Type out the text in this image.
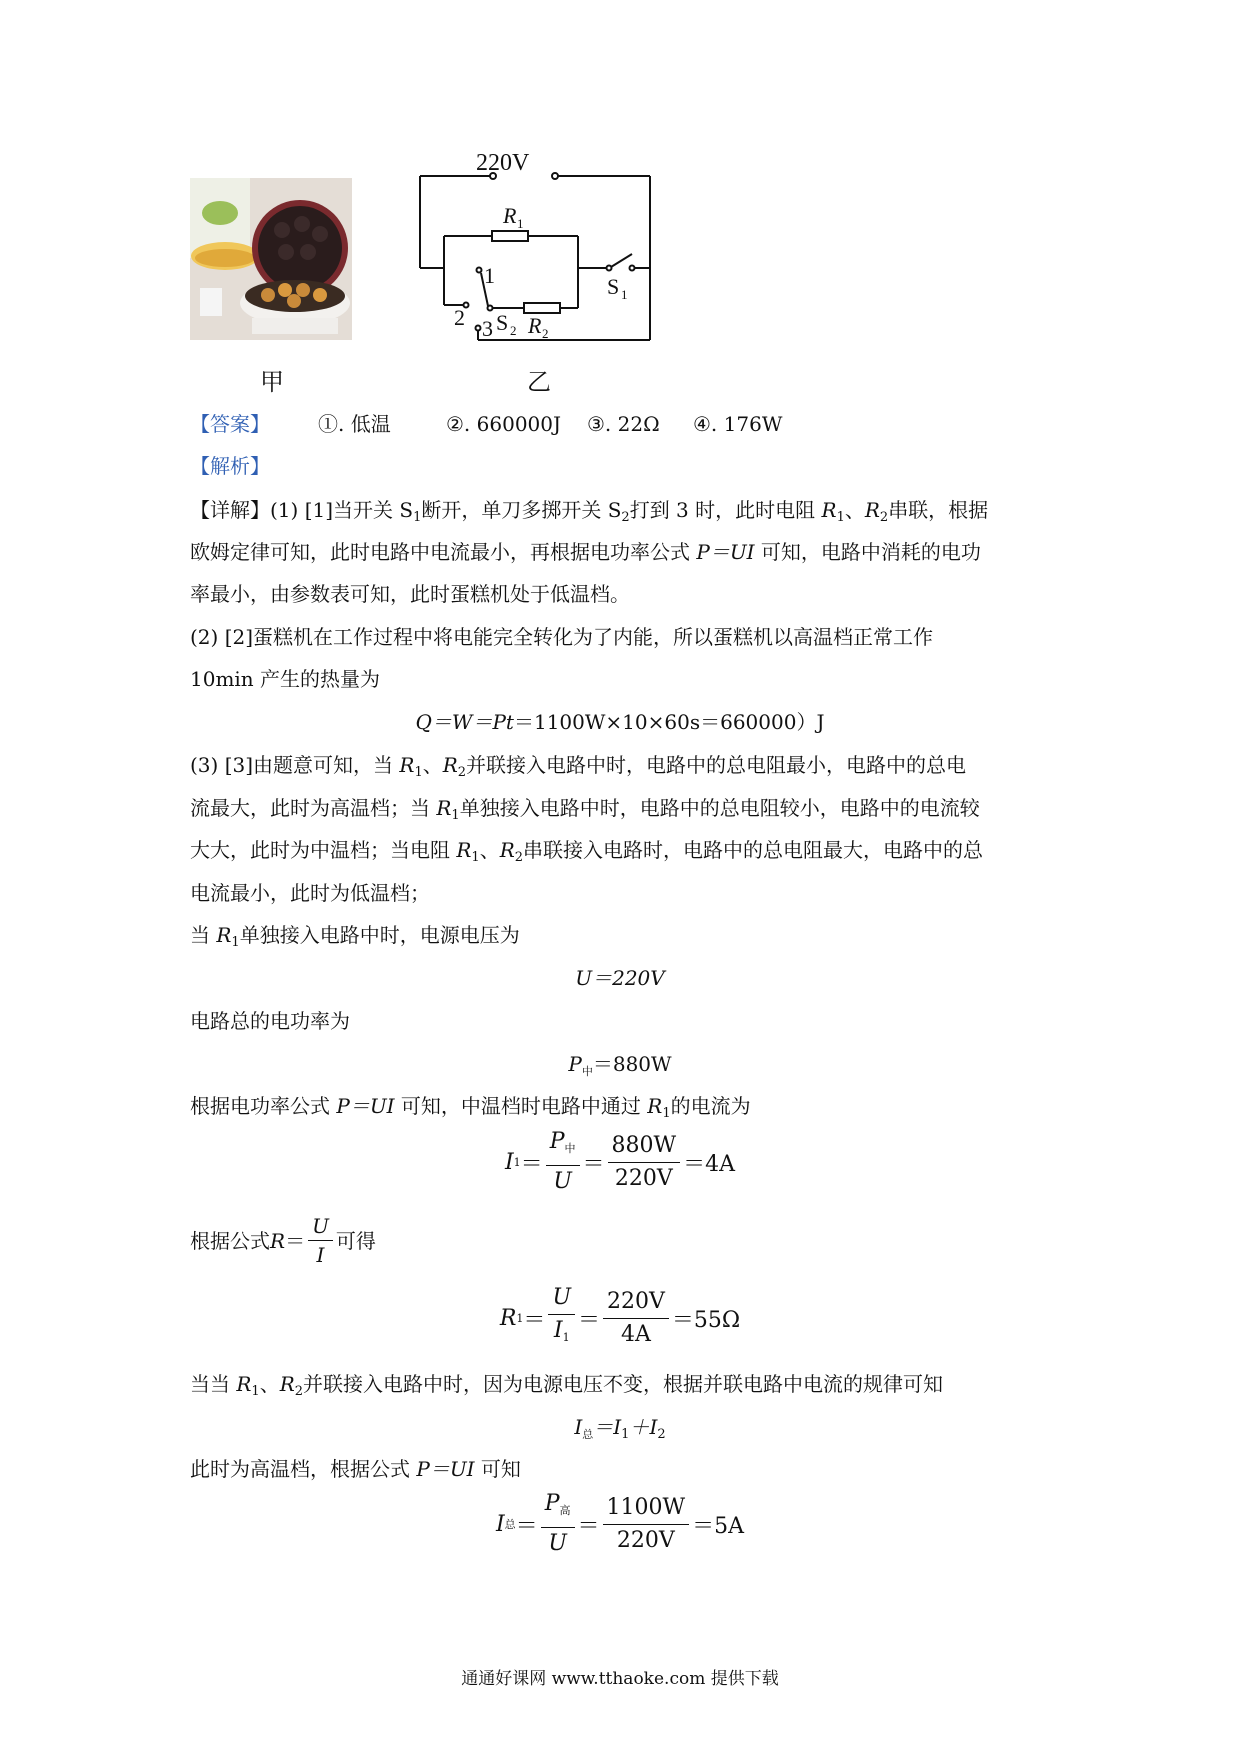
220V
R 1
1	S 1
2 3 S 2 R 2
甲	乙
【答案】 ①. 低温	②. 660000J ③. 22Ω ④. 176W
【解析】
【详解】(1) [1]当开关 $S_1$断开，单刀多掷开关 $S_2$打到 3 时，此时电阻 $R_1$、$R_2$串联，根据
欧姆定律可知，此时电路中电流最小，再根据电功率公式 P＝UI 可知，电路中消耗的电功
率最小，由参数表可知，此时蛋糕机处于低温档。
(2) [2]蛋糕机在工作过程中将电能完全转化为了内能，所以蛋糕机以高温档正常工作
10min 产生的热量为
Q＝W＝Pt＝1100W×10×60s＝660000）J
(3) [3]由题意可知，当 $R_1$、$R_2$并联接入电路中时，电路中的总电阻最小，电路中的总电
流最大，此时为高温档；当 $R_1$单独接入电路中时，电路中的总电阻较小，电路中的电流较
大大，此时为中温档；当电阻 $R_1$、$R_2$串联接入电路时，电路中的总电阻最大，电路中的总
电流最小，此时为低温档；
当 $R_1$单独接入电路中时，电源电压为
U＝220V
电路总的电功率为
$P_中=880W$
根据电功率公式 P＝UI 可知，中温档时电路中通过 $R_1$的电流为
I $1 = \frac{\text{P中}}{U} = \frac{880W}{220V} =4A$
根据公式 $R = \frac{U}{I}$ 可得
R $1 = \frac{U}{I1} = \frac{220V}{4A} =55\Omega$
当当 $R_1$、$R_2$并联接入电路中时，因为电源电压不变，根据并联电路中电流的规律可知
$I_总=I_1+I_2$
此时为高温档，根据公式 P＝UI 可知
I 总 ＝ $\frac{\text{P高}}{U} = \frac{1100W}{220V} =5A$
通通好课网 www.tthaoke.com 提供下载
